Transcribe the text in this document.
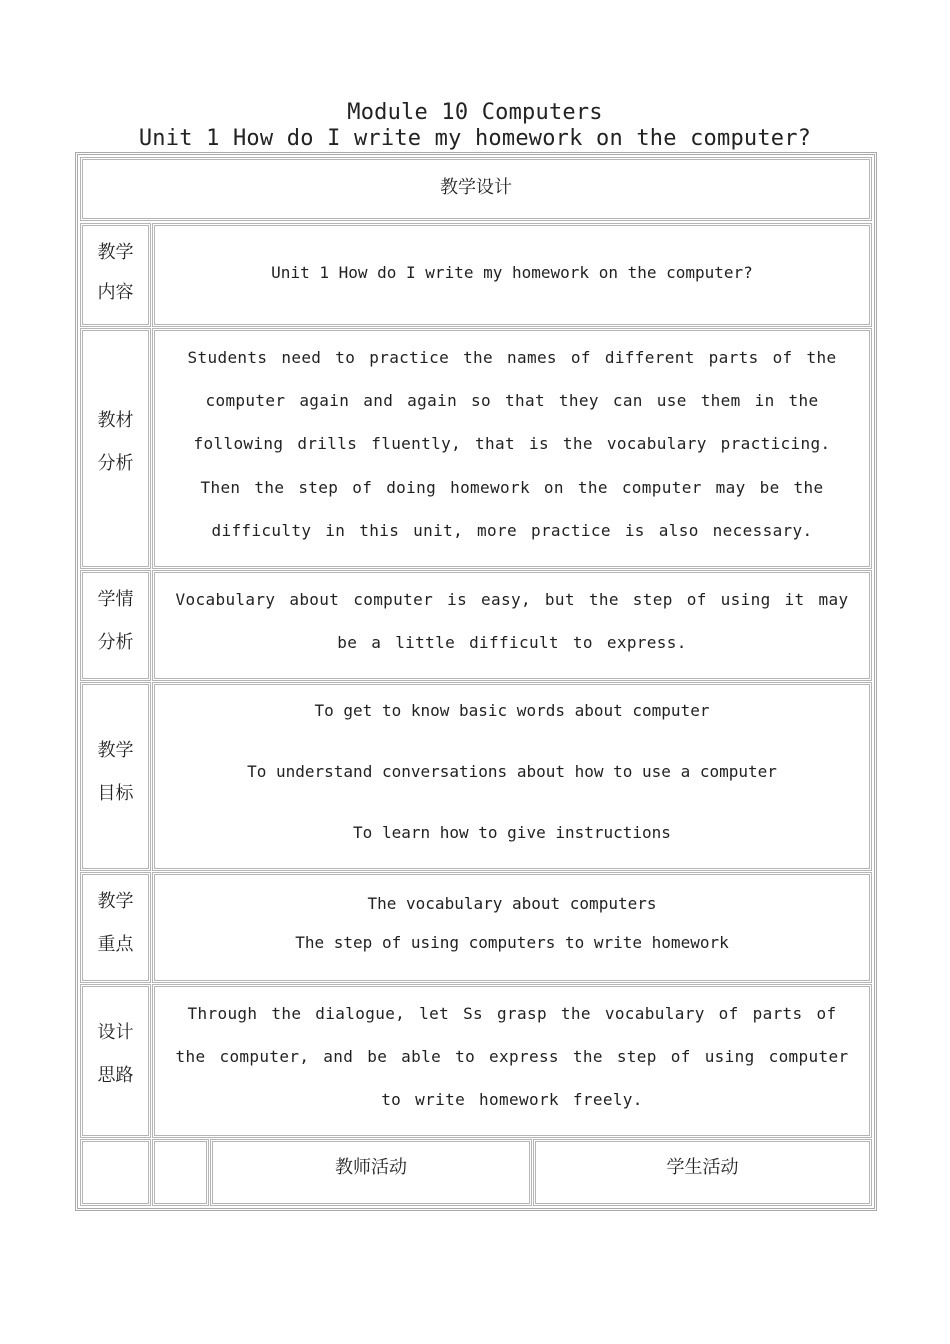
Module 10 Computers
Unit 1 How do I write my homework on the computer?
教学设计
教学
内容
Unit 1 How do I write my homework on the computer?
教材
分析
Students need to practice the names of different parts of the computer again and again so that they can use them in the following drills fluently, that is the vocabulary practicing. Then the step of doing homework on the computer may be the difficulty in this unit, more practice is also necessary.
学情
分析
Vocabulary about computer is easy, but the step of using it may be a little difficult to express.
教学
目标
To get to know basic words about computer
To understand conversations about how to use a computer
To learn how to give instructions
教学
重点
The vocabulary about computers
The step of using computers to write homework
设计
思路
Through the dialogue, let Ss grasp the vocabulary of parts of the computer, and be able to express the step of using computer to write homework freely.
教师活动	学生活动
